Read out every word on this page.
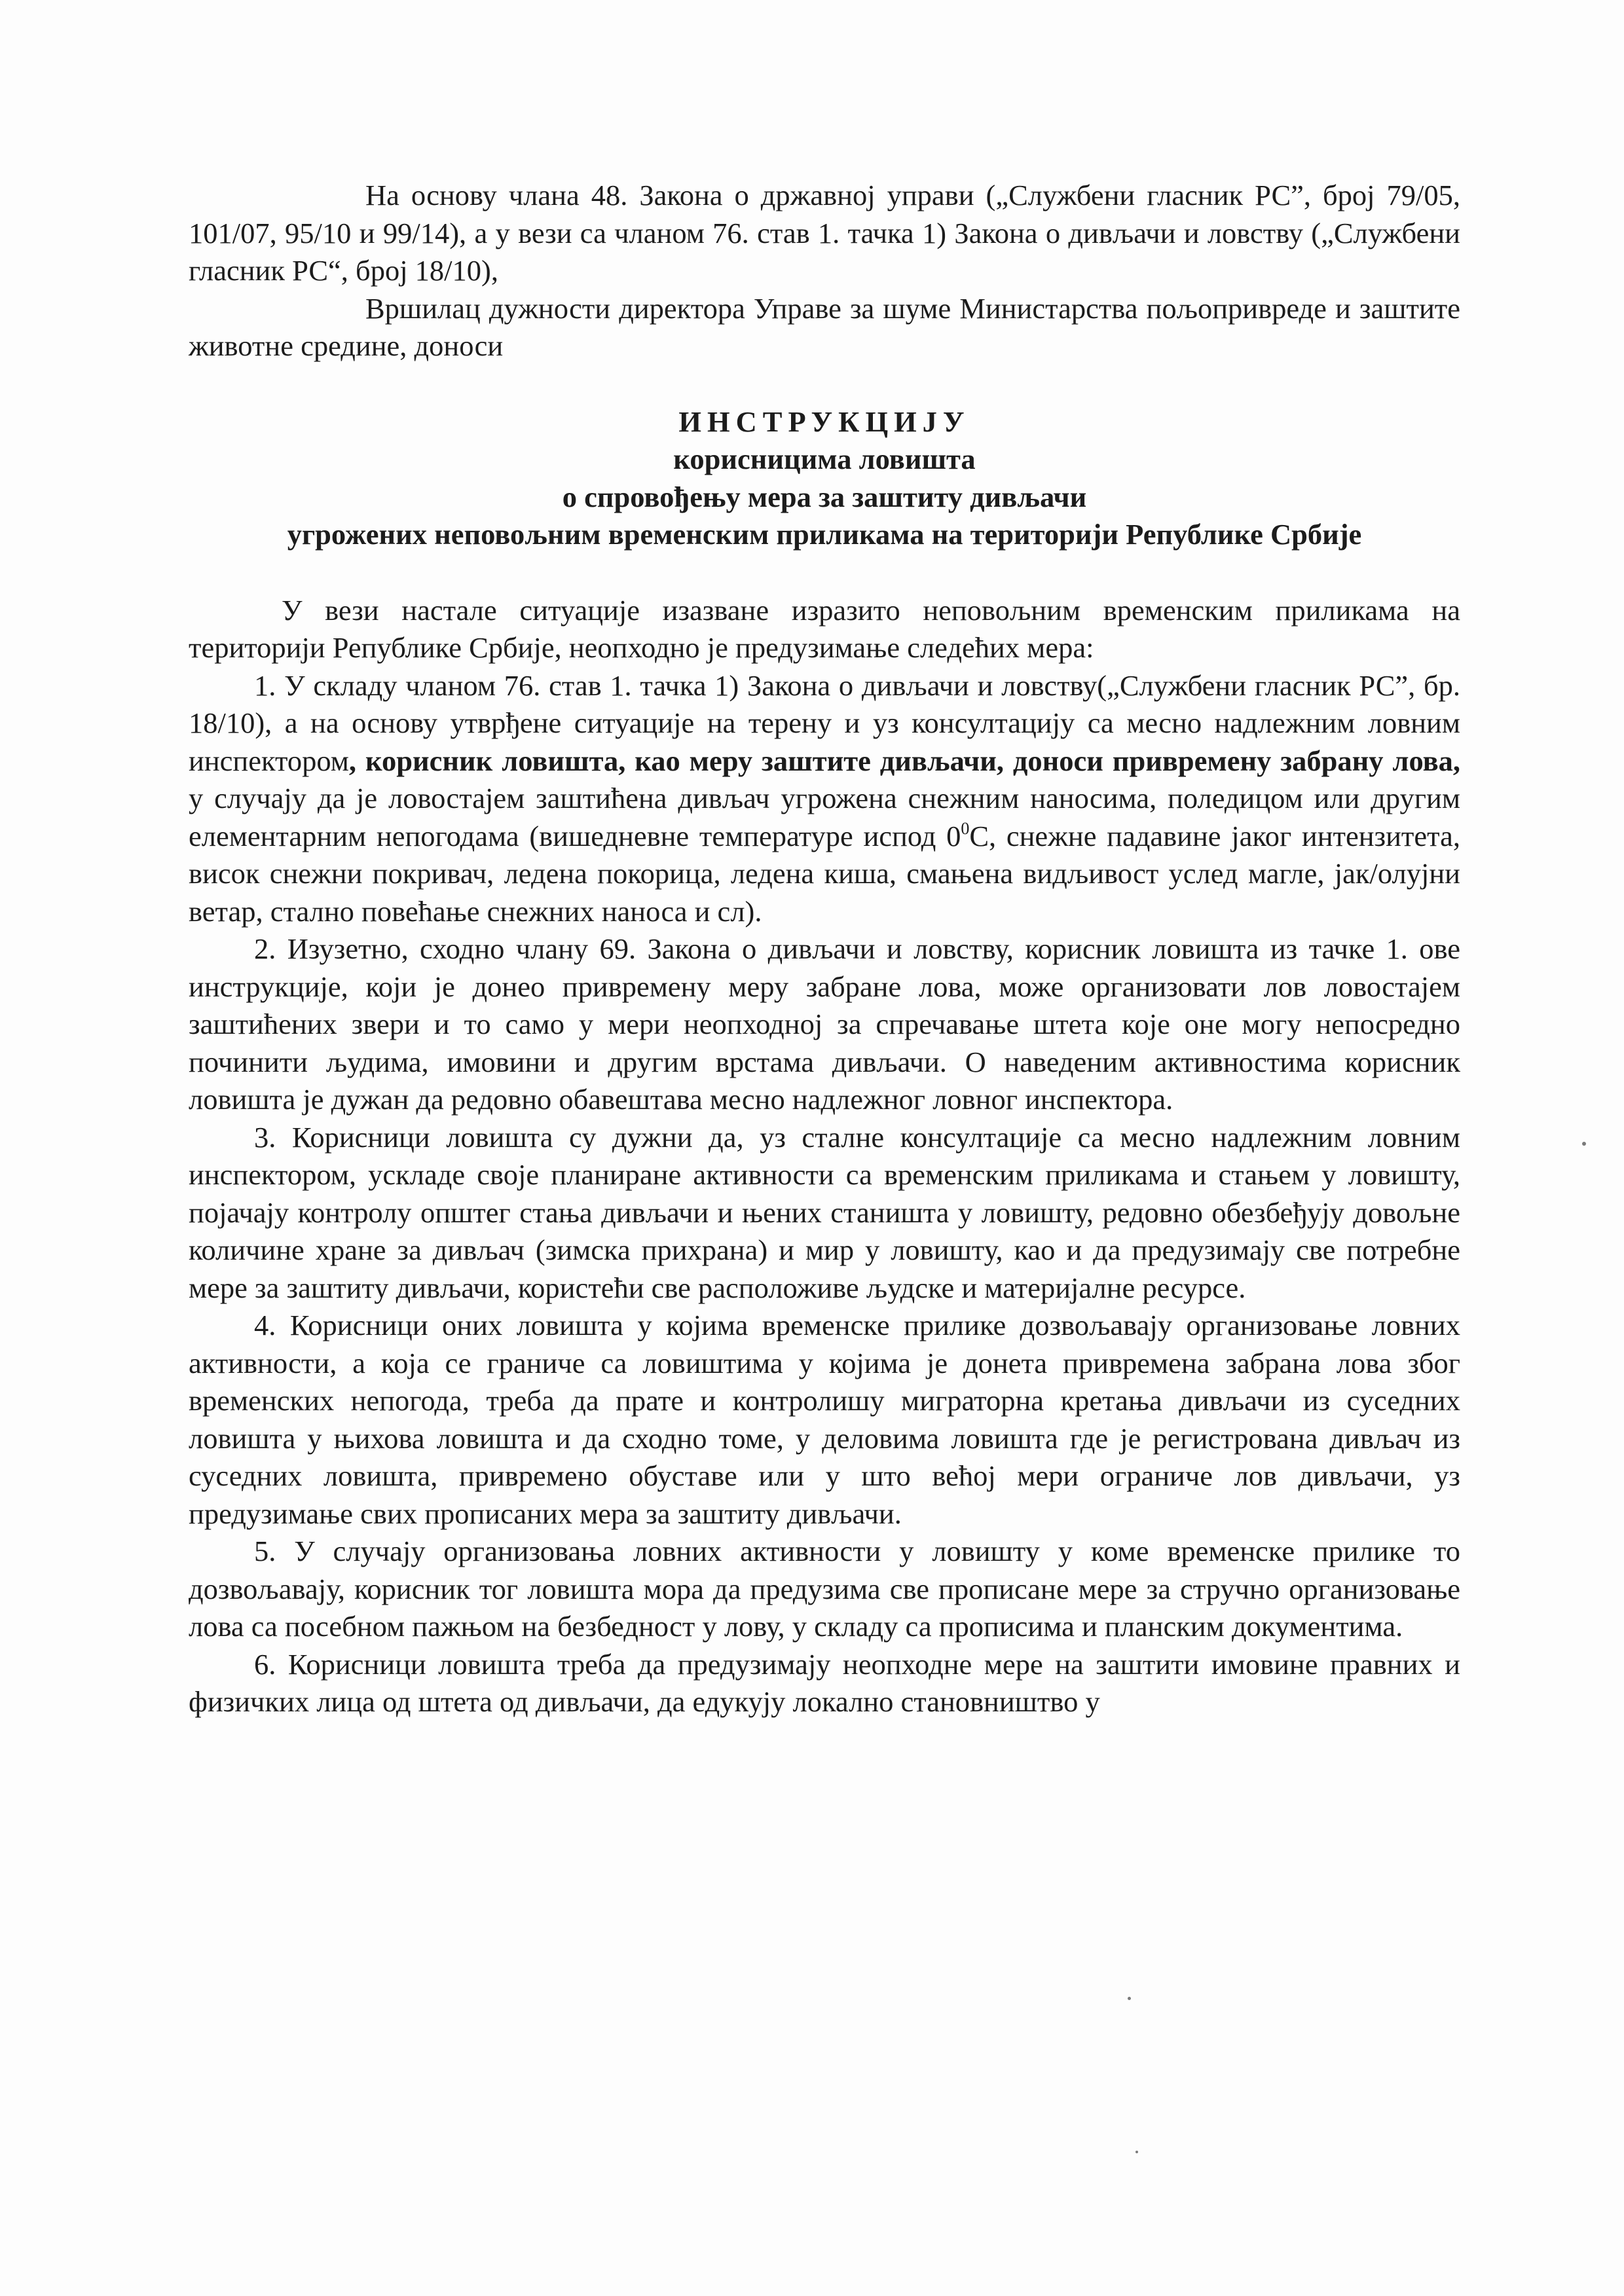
На основу члана 48. Закона о државној управи („Службени гласник РС”, број 79/05, 101/07, 95/10 и 99/14), а у вези са чланом 76. став 1. тачка 1) Закона о дивљачи и ловству („Службени гласник РС“, број 18/10),

Вршилац дужности директора Управе за шуме Министарства пољопривреде и заштите животне средине, доноси

ИНСТРУКЦИЈУ
корисницима ловишта
о спровођењу мера за заштиту дивљачи
угрожених неповољним временским приликама на територији Републике Србије

У вези настале ситуације изазване изразито неповољним временским приликама на територији Републике Србије, неопходно је предузимање следећих мера:

1. У складу чланом 76. став 1. тачка 1) Закона о дивљачи и ловству(„Службени гласник РС”, бр. 18/10), а на основу утврђене ситуације на терену и уз консултацију са месно надлежним ловним инспектором, корисник ловишта, као меру заштите дивљачи, доноси привремену забрану лова, у случају да је ловостајем заштићена дивљач угрожена снежним наносима, поледицом или другим елементарним непогодама (вишедневне температуре испод $0^0С$, снежне падавине јаког интензитета, висок снежни покривач, ледена покорица, ледена киша, смањена видљивост услед магле, јак/олујни ветар, стално повећање снежних наноса и сл).

2. Изузетно, сходно члану 69. Закона о дивљачи и ловству, корисник ловишта из тачке 1. ове инструкције, који је донео привремену меру забране лова, може организовати лов ловостајем заштићених звери и то само у мери неопходној за спречавање штета које оне могу непосредно починити људима, имовини и другим врстама дивљачи. О наведеним активностима корисник ловишта је дужан да редовно обавештава месно надлежног ловног инспектора.

3. Корисници ловишта су дужни да, уз сталне консултације са месно надлежним ловним инспектором, ускладе своје планиране активности са временским приликама и стањем у ловишту, појачају контролу општег стања дивљачи и њених станишта у ловишту, редовно обезбеђују довољне количине хране за дивљач (зимска прихрана) и мир у ловишту, као и да предузимају све потребне мере за заштиту дивљачи, користећи све расположиве људске и материјалне ресурсе.

4. Корисници оних ловишта у којима временске прилике дозвољавају организовање ловних активности, а која се граниче са ловиштима у којима је донета привремена забрана лова због временских непогода, треба да прате и контролишу миграторна кретања дивљачи из суседних ловишта у њихова ловишта и да сходно томе, у деловима ловишта где је регистрована дивљач из суседних ловишта, привремено обуставе или у што већој мери ограниче лов дивљачи, уз предузимање свих прописаних мера за заштиту дивљачи.

5. У случају организовања ловних активности у ловишту у коме временске прилике то дозвољавају, корисник тог ловишта мора да предузима све прописане мере за стручно организовање лова са посебном пажњом на безбедност у лову, у складу са прописима и планским документима.

6. Корисници ловишта треба да предузимају неопходне мере на заштити имовине правних и физичких лица од штета од дивљачи, да едукују локално становништво у
